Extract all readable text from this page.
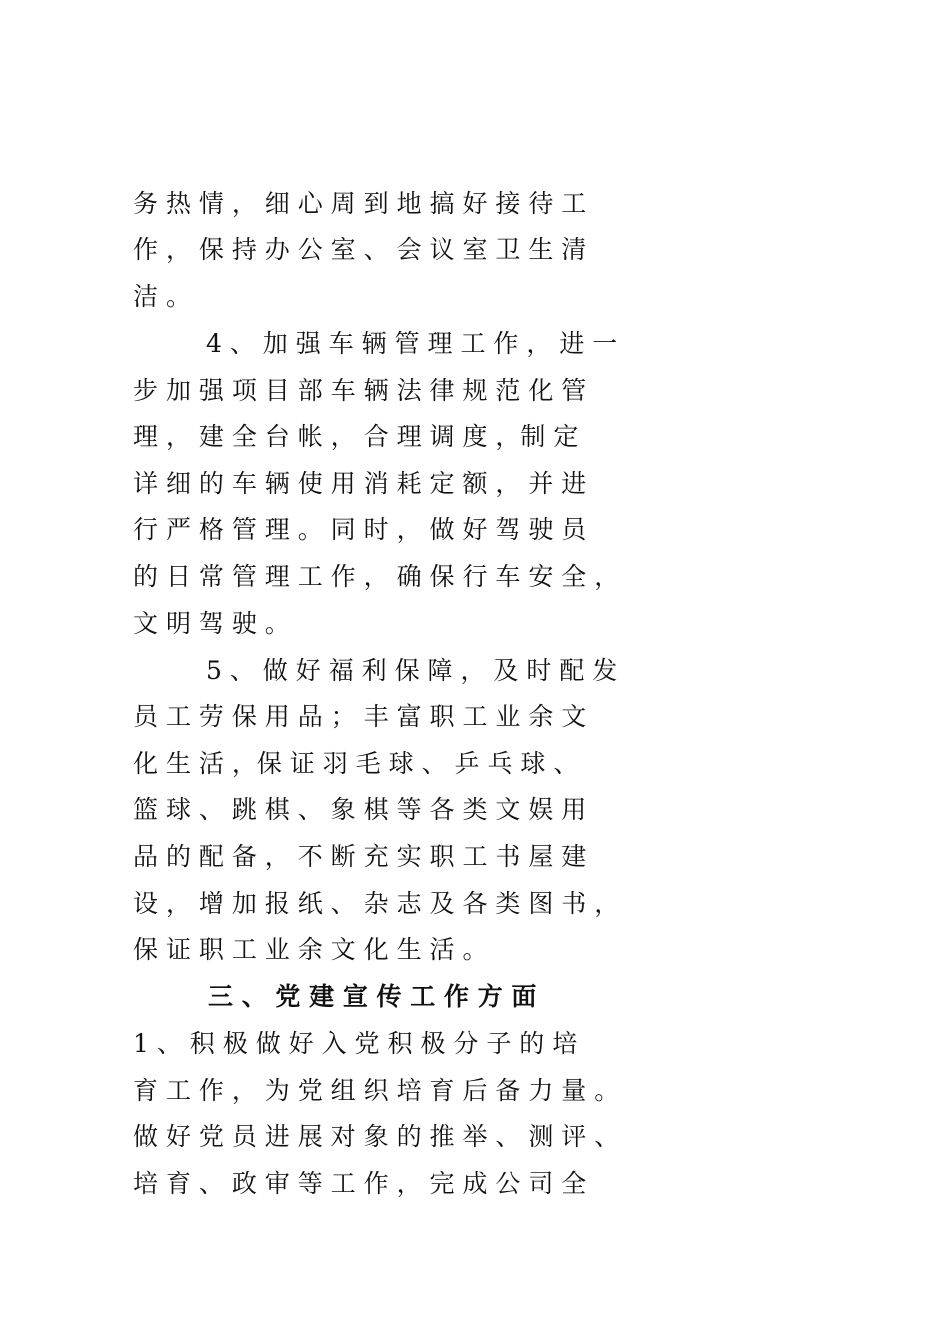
务 热 情 ， 细 心 周 到 地 搞 好 接 待 工
作 ， 保 持 办 公 室 、 会 议 室 卫 生 清
洁 。
4 、 加 强 车 辆 管 理 工 作 ， 进 一
步 加 强 项 目 部 车 辆 法 律 规 范 化 管
理 ， 建 全 台 帐 ， 合 理 调 度 ，制 定
详 细 的 车 辆 使 用 消 耗 定 额 ， 并 进
行 严 格 管 理 。 同 时 ， 做 好 驾 驶 员
的 日 常 管 理 工 作 ， 确 保 行 车 安 全 ，
文 明 驾 驶 。
5 、 做 好 福 利 保 障 ， 及 时 配 发
员 工 劳 保 用 品 ； 丰 富 职 工 业 余 文
化 生 活 ，保 证 羽 毛 球 、 乒 乓 球 、
篮 球 、 跳 棋 、 象 棋 等 各 类 文 娱 用
品 的 配 备 ， 不 断 充 实 职 工 书 屋 建
设 ， 增 加 报 纸 、 杂 志 及 各 类 图 书 ，
保 证 职 工 业 余 文 化 生 活 。
三 、 党 建 宣 传 工 作 方 面
1 、 积 极 做 好 入 党 积 极 分 子 的 培
育 工 作 ， 为 党 组 织 培 育 后 备 力 量 。
做 好 党 员 进 展 对 象 的 推 举 、 测 评 、
培 育 、 政 审 等 工 作 ， 完 成 公 司 全
